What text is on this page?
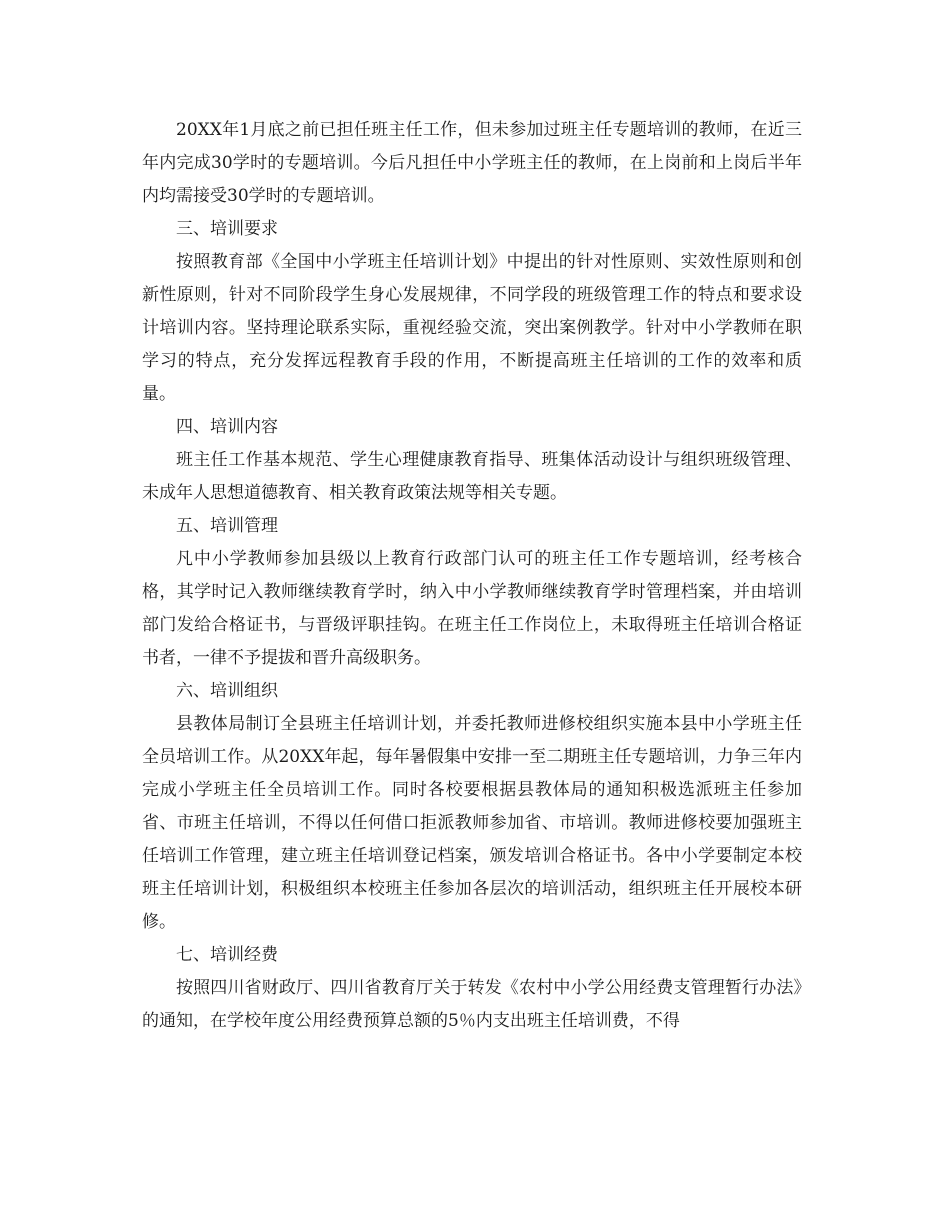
20XX年1月底之前已担任班主任工作，但未参加过班主任专题培训的教师，在近三年内完成30学时的专题培训。今后凡担任中小学班主任的教师，在上岗前和上岗后半年内均需接受30学时的专题培训。

三、培训要求

按照教育部《全国中小学班主任培训计划》中提出的针对性原则、实效性原则和创新性原则，针对不同阶段学生身心发展规律，不同学段的班级管理工作的特点和要求设计培训内容。坚持理论联系实际，重视经验交流，突出案例教学。针对中小学教师在职学习的特点，充分发挥远程教育手段的作用，不断提高班主任培训的工作的效率和质量。

四、培训内容

班主任工作基本规范、学生心理健康教育指导、班集体活动设计与组织班级管理、未成年人思想道德教育、相关教育政策法规等相关专题。

五、培训管理

凡中小学教师参加县级以上教育行政部门认可的班主任工作专题培训，经考核合格，其学时记入教师继续教育学时，纳入中小学教师继续教育学时管理档案，并由培训部门发给合格证书，与晋级评职挂钩。在班主任工作岗位上，未取得班主任培训合格证书者，一律不予提拔和晋升高级职务。

六、培训组织

县教体局制订全县班主任培训计划，并委托教师进修校组织实施本县中小学班主任全员培训工作。从20XX年起，每年暑假集中安排一至二期班主任专题培训，力争三年内完成小学班主任全员培训工作。同时各校要根据县教体局的通知积极选派班主任参加省、市班主任培训，不得以任何借口拒派教师参加省、市培训。教师进修校要加强班主任培训工作管理，建立班主任培训登记档案，颁发培训合格证书。各中小学要制定本校班主任培训计划，积极组织本校班主任参加各层次的培训活动，组织班主任开展校本研修。

七、培训经费

按照四川省财政厅、四川省教育厅关于转发《农村中小学公用经费支管理暂行办法》的通知，在学校年度公用经费预算总额的5％内支出班主任培训费，不得
